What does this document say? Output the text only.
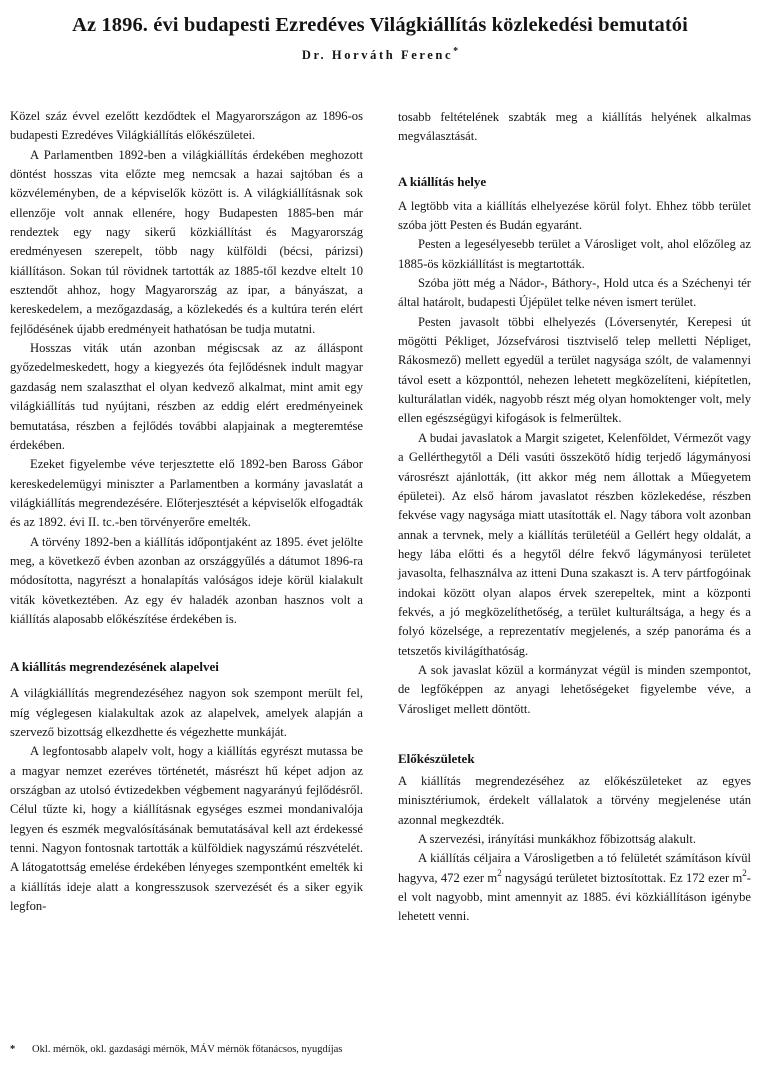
Az 1896. évi budapesti Ezredéves Világkiállítás közlekedési bemutatói
Dr. Horváth Ferenc*

Közel száz évvel ezelőtt kezdődtek el Magyarországon az 1896-os budapesti Ezredéves Világkiállítás előkészületei.

A Parlamentben 1892-ben a világkiállítás érdekében meghozott döntést hosszas vita előzte meg nemcsak a hazai sajtóban és a közvéleményben, de a képviselők között is. A világkiállításnak sok ellenzője volt annak ellenére, hogy Budapesten 1885-ben már rendeztek egy nagy sikerű közkiállítást és Magyarország eredményesen szerepelt, több nagy külföldi (bécsi, párizsi) kiállításon. Sokan túl rövidnek tartották az 1885-től kezdve eltelt 10 esztendőt ahhoz, hogy Magyarország az ipar, a bányászat, a kereskedelem, a mezőgazdaság, a közlekedés és a kultúra terén elért fejlődésének újabb eredményeit hathatósan be tudja mutatni.

Hosszas viták után azonban mégiscsak az az álláspont győzedelmeskedett, hogy a kiegyezés óta fejlődésnek indult magyar gazdaság nem szalaszthat el olyan kedvező alkalmat, mint amit egy világkiállítás tud nyújtani, részben az eddig elért eredményeinek bemutatása, részben a fejlődés további alapjainak a megteremtése érdekében.

Ezeket figyelembe véve terjesztette elő 1892-ben Baross Gábor kereskedelemügyi miniszter a Parlamentben a kormány javaslatát a világkiállítás megrendezésére. Előterjesztését a képviselők elfogadták és az 1892. évi II. tc.-ben törvényerőre emelték.

A törvény 1892-ben a kiállítás időpontjaként az 1895. évet jelölte meg, a következő évben azonban az országgyűlés a dátumot 1896-ra módosította, nagyrészt a honalapítás valóságos ideje körül kialakult viták következtében. Az egy év haladék azonban hasznos volt a kiállítás alaposabb előkészítése érdekében is.

A kiállítás megrendezésének alapelvei

A világkiállítás megrendezéséhez nagyon sok szempont merült fel, míg véglegesen kialakultak azok az alapelvek, amelyek alapján a szervező bizottság elkezdhette és végezhette munkáját.

A legfontosabb alapelv volt, hogy a kiállítás egyrészt mutassa be a magyar nemzet ezeréves történetét, másrészt hű képet adjon az országban az utolsó évtizedekben végbement nagyarányú fejlődésről. Célul tűzte ki, hogy a kiállításnak egységes eszmei mondanivalója legyen és eszmék megvalósításának bemutatásával kell azt érdekessé tenni. Nagyon fontosnak tartották a külföldiek nagyszámú részvételét. A látogatottság emelése érdekében lényeges szempontként emelték ki a kiállítás ideje alatt a kongresszusok szervezését és a siker egyik legfon-

tosabb feltételének szabták meg a kiállítás helyének alkalmas megválasztását.

A kiállítás helye

A legtöbb vita a kiállítás elhelyezése körül folyt. Ehhez több terület szóba jött Pesten és Budán egyaránt.

Pesten a legesélyesebb terület a Városliget volt, ahol előzőleg az 1885-ös közkiállítást is megtartották.

Szóba jött még a Nádor-, Báthory-, Hold utca és a Széchenyi tér által határolt, budapesti Újépület telke néven ismert terület.

Pesten javasolt többi elhelyezés (Lóversenytér, Kerepesi út mögötti Pékliget, Józsefvárosi tisztviselő telep melletti Népliget, Rákosmező) mellett egyedül a terület nagysága szólt, de valamennyi távol esett a központtól, nehezen lehetett megközelíteni, kiépítetlen, kulturálatlan vidék, nagyobb részt még olyan homoktenger volt, mely ellen egészségügyi kifogások is felmerültek.

A budai javaslatok a Margit szigetet, Kelenföldet, Vérmezőt vagy a Gellérthegytől a Déli vasúti összekötő hídig terjedő lágymányosi városrészt ajánlották, (itt akkor még nem állottak a Műegyetem épületei). Az első három javaslatot részben közlekedése, részben fekvése vagy nagysága miatt utasították el. Nagy tábora volt azonban annak a tervnek, mely a kiállítás területéül a Gellért hegy oldalát, a hegy lába előtti és a hegytől délre fekvő lágymányosi területet javasolta, felhasználva az itteni Duna szakaszt is. A terv pártfogóinak indokai között olyan alapos érvek szerepeltek, mint a központi fekvés, a jó megközelíthetőség, a terület kulturáltsága, a hegy és a folyó közelsége, a reprezentatív megjelenés, a szép panoráma és a tetszetős kivilágíthatóság.

A sok javaslat közül a kormányzat végül is minden szempontot, de legfőképpen az anyagi lehetőségeket figyelembe véve, a Városliget mellett döntött.

Előkészületek

A kiállítás megrendezéséhez az előkészületeket az egyes minisztériumok, érdekelt vállalatok a törvény megjelenése után azonnal megkezdték.

A szervezési, irányítási munkákhoz főbizottság alakult.

A kiállítás céljaira a Városligetben a tó felületét számításon kívül hagyva, 472 ezer $m^2$ nagyságú területet biztosítottak. Ez 172 ezer $m^2-el$ volt nagyobb, mint amennyit az 1885. évi közkiállításon igénybe lehetett venni.

* Okl. mérnök, okl. gazdasági mérnök, MÁV mérnök főtanácsos, nyugdíjas
